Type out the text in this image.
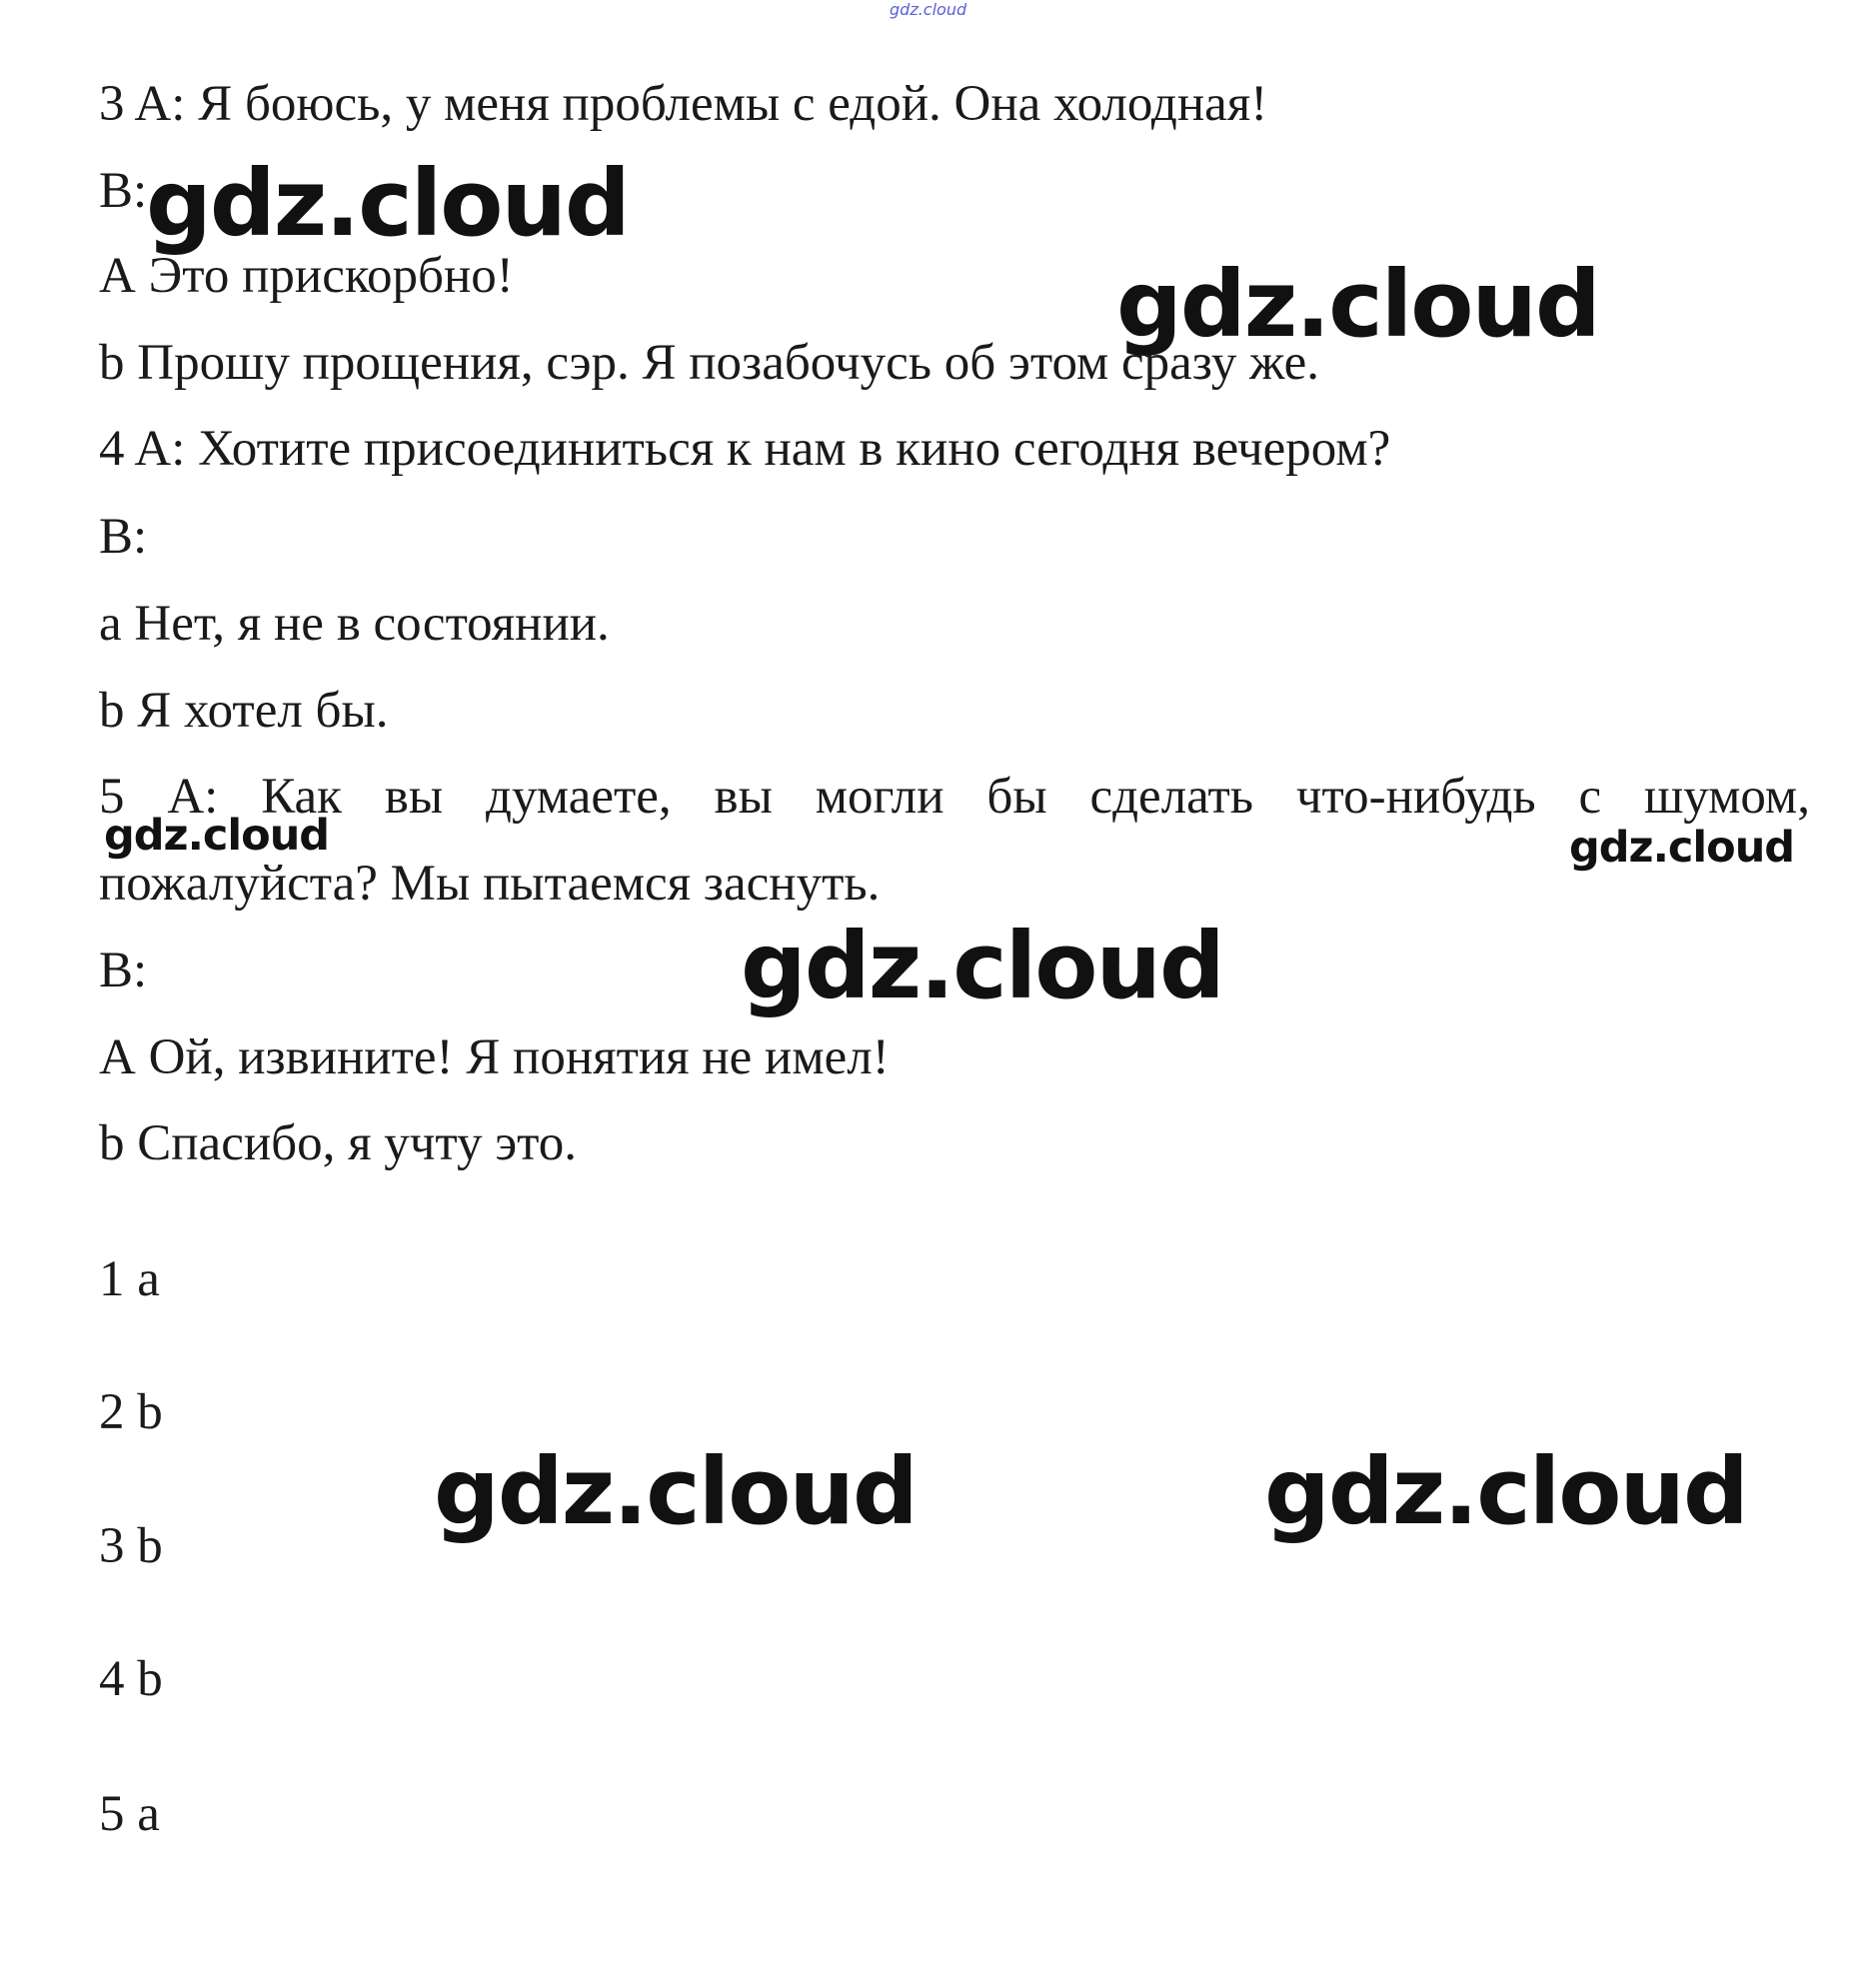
gdz.cloud
3 A: Я боюсь, у меня проблемы с едой. Она холодная!
B:
А Это прискорбно!
b Прошу прощения, сэр. Я позабочусь об этом сразу же.
4 A: Хотите присоединиться к нам в кино сегодня вечером?
B:
а Нет, я не в состоянии.
b Я хотел бы.
5 A: Как вы думаете, вы могли бы сделать что-нибудь с шумом,
пожалуйста? Мы пытаемся заснуть.
B:
А Ой, извините! Я понятия не имел!
b Спасибо, я учту это.
1 а
2 b
3 b
4 b
5 а
gdz.cloud
gdz.cloud
gdz.cloud	gdz.cloud
gdz.cloud
gdz.cloud	gdz.cloud
